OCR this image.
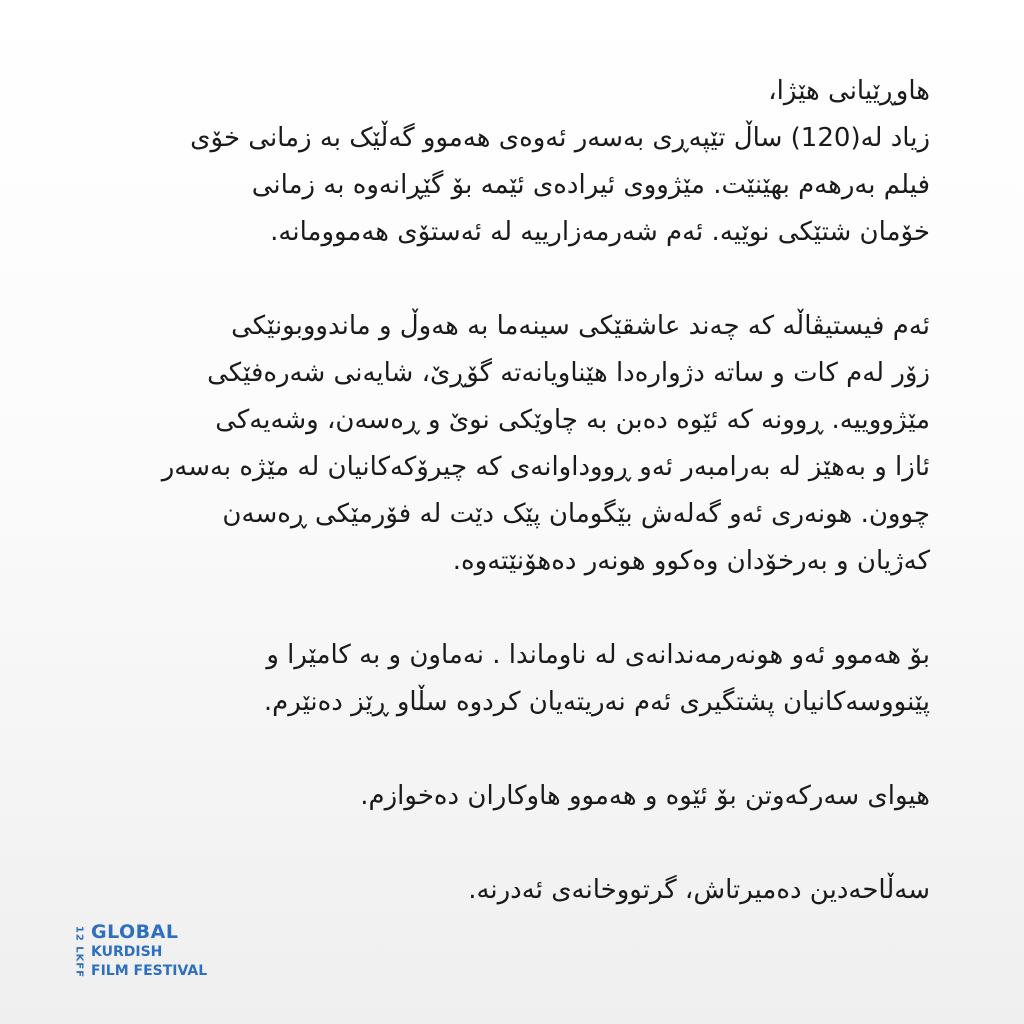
هاوڕێیانی هێژا،
زیاد لە(120) ساڵ تێپەڕی بەسەر ئەوەی هەموو گەڵێک بە زمانی خۆی
فیلم بەرهەم بهێنێت. مێژووی ئیرادەی ئێمە بۆ گێڕانەوە بە زمانی
خۆمان شتێکی نوێیە. ئەم شەرمەزارییە لە ئەستۆی هەموومانە.
ئەم فیستیڤاڵە کە چەند عاشقێکی سینەما بە هەوڵ و ماندووبونێکی
زۆر لەم کات و ساتە دژوارەدا هێناویانەتە گۆڕێ، شایەنی شەرەفێکی
مێژووییە. ڕوونە کە ئێوە دەبن بە چاوێکی نوێ و ڕەسەن، وشەیەکی
ئازا و بەهێز لە بەرامبەر ئەو ڕووداوانەی کە چیرۆکەکانیان لە مێژە بەسەر
چوون. هونەری ئەو گەلەش بێگومان پێک دێت لە فۆرمێکی ڕەسەن
کەژیان و بەرخۆدان وەکوو هونەر دەهۆنێتەوە.
بۆ هەموو ئەو هونەرمەندانەی لە ناوماندا . نەماون و بە کامێرا و
پێنووسەکانیان پشتگیری ئەم نەریتەیان کردوە سڵاو ڕێز دەنێرم.
هیوای سەرکەوتن بۆ ئێوە و هەموو هاوکاران دەخوازم.
سەڵاحەدین دەمیرتاش، گرتووخانەی ئەدرنە.
12 LKFF GLOBAL
KURDISH
FILM FESTIVAL
